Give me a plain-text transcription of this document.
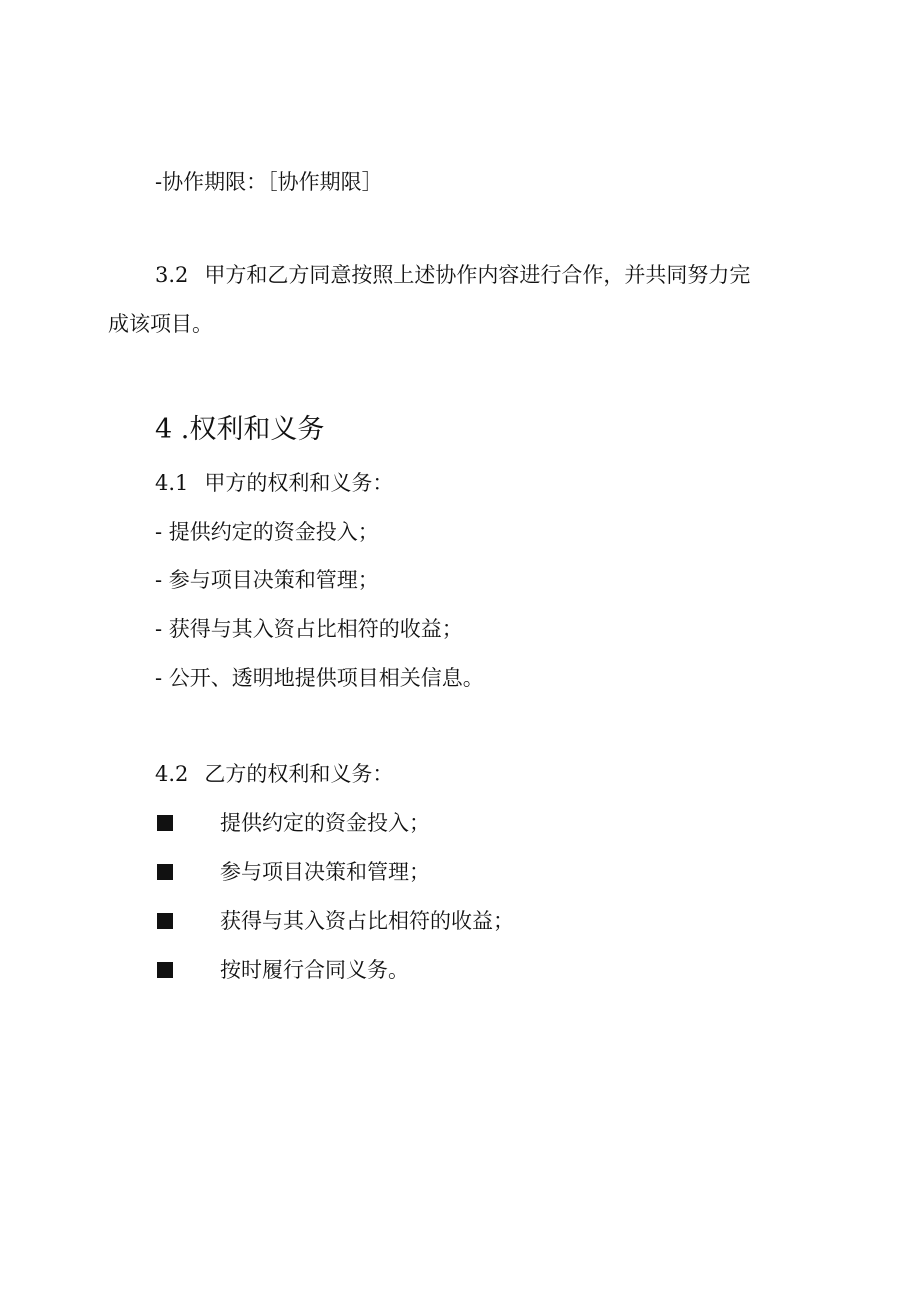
-协作期限：［协作期限］
3.2 甲方和乙方同意按照上述协作内容进行合作，并共同努力完
成该项目。
4 .权利和义务
4.1 甲方的权利和义务：
- 提供约定的资金投入；
- 参与项目决策和管理；
- 获得与其入资占比相符的收益；
- 公开、透明地提供项目相关信息。
4.2 乙方的权利和义务：
提供约定的资金投入；
参与项目决策和管理；
获得与其入资占比相符的收益；
按时履行合同义务。
